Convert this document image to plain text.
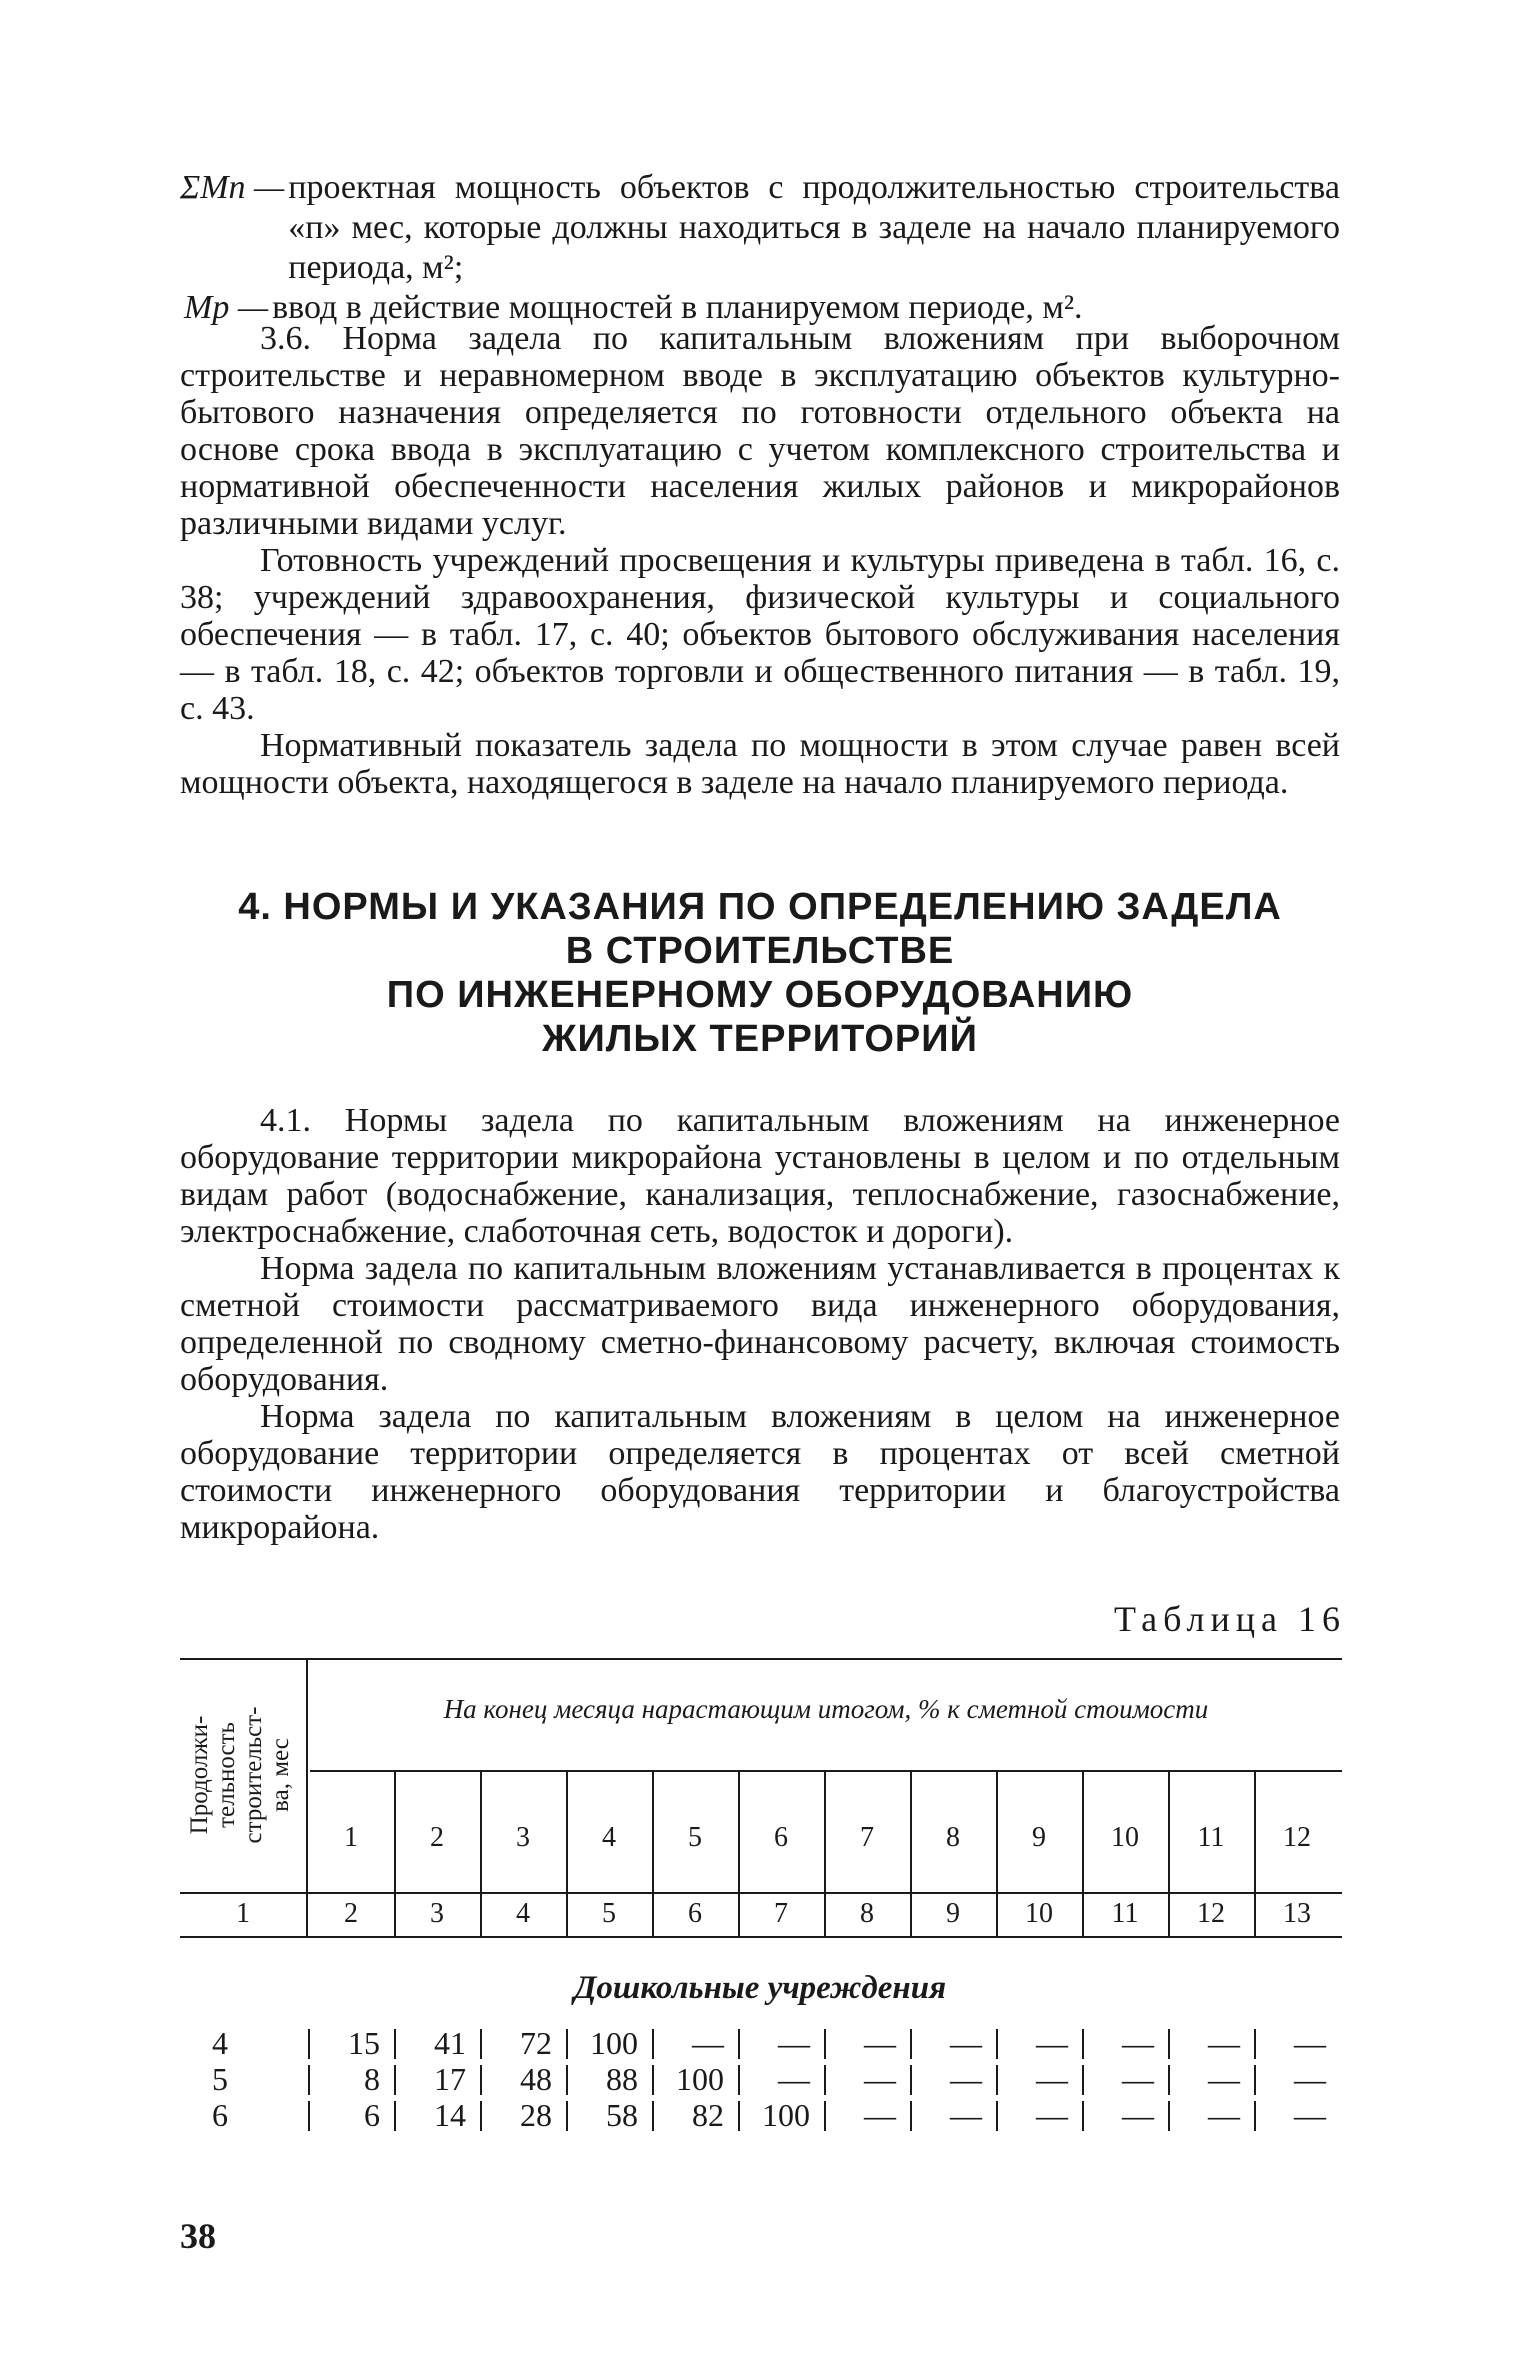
ΣMп — проектная мощность объектов с продолжительностью строительства «п» мес, которые должны находиться в заделе на начало планируемого периода, м²;
Mр — ввод в действие мощностей в планируемом периоде, м².

3.6. Норма задела по капитальным вложениям при выборочном строительстве и неравномерном вводе в эксплуатацию объектов культурно-бытового назначения определяется по готовности отдельного объекта на основе срока ввода в эксплуатацию с учетом комплексного строительства и нормативной обеспеченности населения жилых районов и микрорайонов различными видами услуг.

Готовность учреждений просвещения и культуры приведена в табл. 16, с. 38; учреждений здравоохранения, физической культуры и социального обеспечения — в табл. 17, с. 40; объектов бытового обслуживания населения — в табл. 18, с. 42; объектов торговли и общественного питания — в табл. 19, с. 43.

Нормативный показатель задела по мощности в этом случае равен всей мощности объекта, находящегося в заделе на начало планируемого периода.

4. НОРМЫ И УКАЗАНИЯ ПО ОПРЕДЕЛЕНИЮ ЗАДЕЛА
В СТРОИТЕЛЬСТВЕ
ПО ИНЖЕНЕРНОМУ ОБОРУДОВАНИЮ
ЖИЛЫХ ТЕРРИТОРИЙ

4.1. Нормы задела по капитальным вложениям на инженерное оборудование территории микрорайона установлены в целом и по отдельным видам работ (водоснабжение, канализация, теплоснабжение, газоснабжение, электроснабжение, слаботочная сеть, водосток и дороги).

Норма задела по капитальным вложениям устанавливается в процентах к сметной стоимости рассматриваемого вида инженерного оборудования, определенной по сводному сметно-финансовому расчету, включая стоимость оборудования.

Норма задела по капитальным вложениям в целом на инженерное оборудование территории определяется в процентах от всей сметной стоимости инженерного оборудования территории и благоустройства микрорайона.

Таблица 16
Продолжи- тельность строительст- ва, мес
На конец месяца нарастающим итогом, % к сметной стоимости
1	2	3	4	5	6	7	8	9	10	11	12
1	2	3	4	5	6	7	8	9	10	11	12	13
Дошкольные учреждения
4	15	41	72	100	—	—	—	—	—	—	—	—
5	8	17	48	88	100	—	—	—	—	—	—	—
6	6	14	28	58	82	100	—	—	—	—	—	—
38
